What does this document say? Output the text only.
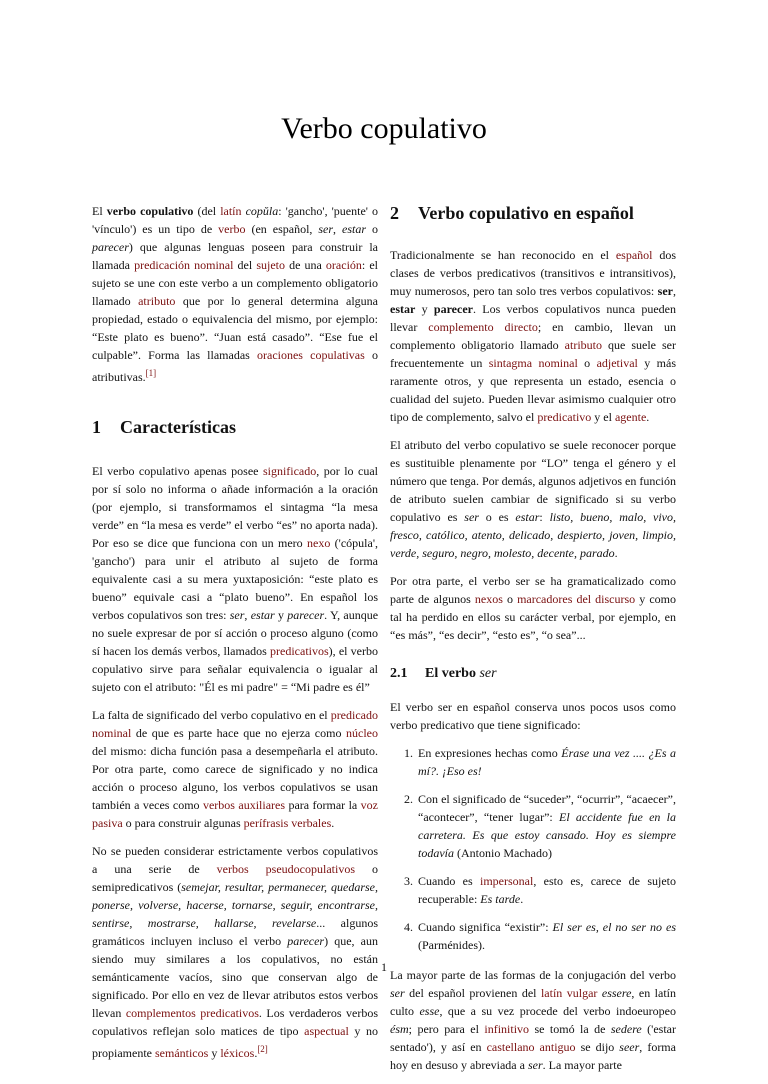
Verbo copulativo

El verbo copulativo (del latín copŭla: 'gancho', 'puente' o 'vínculo') es un tipo de verbo (en español, ser, estar o parecer) que algunas lenguas poseen para construir la llamada predicación nominal del sujeto de una oración: el sujeto se une con este verbo a un complemento obligatorio llamado atributo que por lo general determina alguna propiedad, estado o equivalencia del mismo, por ejemplo: “Este plato es bueno”. “Juan está casado”. “Ese fue el culpable”. Forma las llamadas oraciones copulativas o atributivas.[1]

1 Características

El verbo copulativo apenas posee significado, por lo cual por sí solo no informa o añade información a la oración (por ejemplo, si transformamos el sintagma “la mesa verde” en “la mesa es verde” el verbo “es” no aporta nada). Por eso se dice que funciona con un mero nexo ('cópula', 'gancho') para unir el atributo al sujeto de forma equivalente casi a su mera yuxtaposición: “este plato es bueno” equivale casi a “plato bueno”. En español los verbos copulativos son tres: ser, estar y parecer. Y, aunque no suele expresar de por sí acción o proceso alguno (como sí hacen los demás verbos, llamados predicativos), el verbo copulativo sirve para señalar equivalencia o igualar al sujeto con el atributo: "Él es mi padre" = “Mi padre es él”

La falta de significado del verbo copulativo en el predicado nominal de que es parte hace que no ejerza como núcleo del mismo: dicha función pasa a desempeñarla el atributo. Por otra parte, como carece de significado y no indica acción o proceso alguno, los verbos copulativos se usan también a veces como verbos auxiliares para formar la voz pasiva o para construir algunas perífrasis verbales.

No se pueden considerar estrictamente verbos copulativos a una serie de verbos pseudocopulativos o semipredicativos (semejar, resultar, permanecer, quedarse, ponerse, volverse, hacerse, tornarse, seguir, encontrarse, sentirse, mostrarse, hallarse, revelarse... algunos gramáticos incluyen incluso el verbo parecer) que, aun siendo muy similares a los copulativos, no están semánticamente vacíos, sino que conservan algo de significado. Por ello en vez de llevar atributos estos verbos llevan complementos predicativos. Los verdaderos verbos copulativos reflejan solo matices de tipo aspectual y no propiamente semánticos y léxicos.[2]

2 Verbo copulativo en español

Tradicionalmente se han reconocido en el español dos clases de verbos predicativos (transitivos e intransitivos), muy numerosos, pero tan solo tres verbos copulativos: ser, estar y parecer. Los verbos copulativos nunca pueden llevar complemento directo; en cambio, llevan un complemento obligatorio llamado atributo que suele ser frecuentemente un sintagma nominal o adjetival y más raramente otros, y que representa un estado, esencia o cualidad del sujeto. Pueden llevar asimismo cualquier otro tipo de complemento, salvo el predicativo y el agente.

El atributo del verbo copulativo se suele reconocer porque es sustituible plenamente por “LO” tenga el género y el número que tenga. Por demás, algunos adjetivos en función de atributo suelen cambiar de significado si su verbo copulativo es ser o es estar: listo, bueno, malo, vivo, fresco, católico, atento, delicado, despierto, joven, limpio, verde, seguro, negro, molesto, decente, parado.

Por otra parte, el verbo ser se ha gramaticalizado como parte de algunos nexos o marcadores del discurso y como tal ha perdido en ellos su carácter verbal, por ejemplo, en “es más”, “es decir”, “esto es”, “o sea”...

2.1 El verbo ser

El verbo ser en español conserva unos pocos usos como verbo predicativo que tiene significado:

1. En expresiones hechas como Érase una vez .... ¿Es a mí?. ¡Eso es!
2. Con el significado de “suceder”, “ocurrir”, “acaecer”, “acontecer”, “tener lugar”: El accidente fue en la carretera. Es que estoy cansado. Hoy es siempre todavía (Antonio Machado)
3. Cuando es impersonal, esto es, carece de sujeto recuperable: Es tarde.
4. Cuando significa “existir”: El ser es, el no ser no es (Parménides).

La mayor parte de las formas de la conjugación del verbo ser del español provienen del latín vulgar essere, en latín culto esse, que a su vez procede del verbo indoeuropeo ésm; pero para el infinitivo se tomó la de sedere ('estar sentado'), y así en castellano antiguo se dijo seer, forma hoy en desuso y abreviada a ser. La mayor parte

1
